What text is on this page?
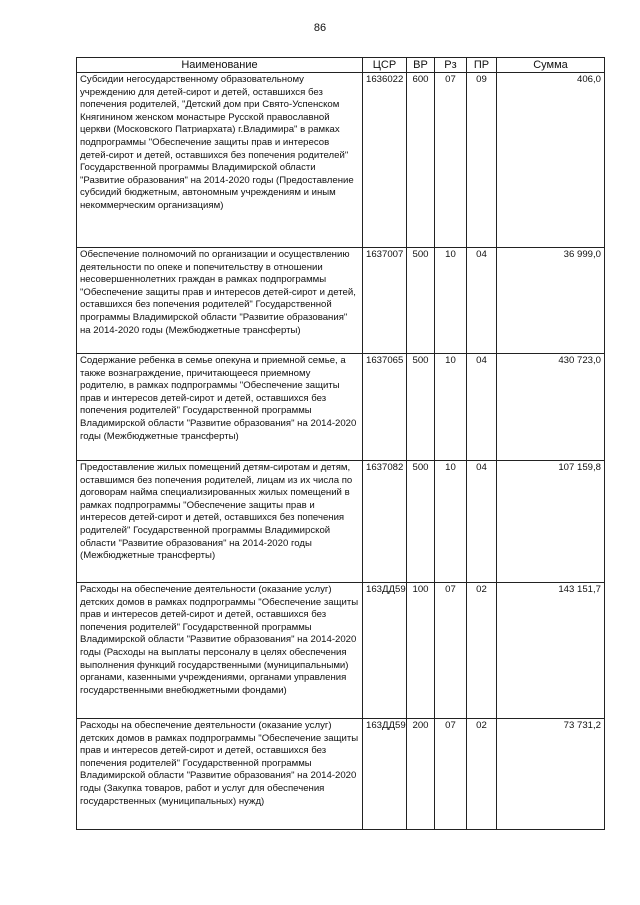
86
Наименование	ЦСР	ВР	Рз	ПР	Сумма
Субсидии негосударственному образовательному учреждению для детей-сирот и детей, оставшихся без попечения родителей, "Детский дом при Свято-Успенском Княгинином женском монастыре Русской православной церкви (Московского Патриархата) г.Владимира" в рамках подпрограммы "Обеспечение защиты прав и интересов детей-сирот и детей, оставшихся без попечения родителей" Государственной программы Владимирской области "Развитие образования" на 2014-2020 годы (Предоставление субсидий бюджетным, автономным учреждениям и иным некоммерческим организациям)	1636022	600	07	09	406,0
Обеспечение полномочий по организации и осуществлению деятельности по опеке и попечительству в отношении несовершеннолетних граждан в рамках подпрограммы "Обеспечение защиты прав и интересов детей-сирот и детей, оставшихся без попечения родителей" Государственной программы Владимирской области "Развитие образования" на 2014-2020 годы (Межбюджетные трансферты)	1637007	500	10	04	36 999,0
Содержание ребенка в семье опекуна и приемной семье, а также вознаграждение, причитающееся приемному родителю, в рамках подпрограммы "Обеспечение защиты прав и интересов детей-сирот и детей, оставшихся без попечения родителей" Государственной программы Владимирской области "Развитие образования" на 2014-2020 годы (Межбюджетные трансферты)	1637065	500	10	04	430 723,0
Предоставление жилых помещений детям-сиротам и детям, оставшимся без попечения родителей, лицам из их числа по договорам найма специализированных жилых помещений в рамках подпрограммы "Обеспечение защиты прав и интересов детей-сирот и детей, оставшихся без попечения родителей" Государственной программы Владимирской области "Развитие образования" на 2014-2020 годы (Межбюджетные трансферты)	1637082	500	10	04	107 159,8
Расходы на обеспечение деятельности (оказание услуг) детских домов в рамках подпрограммы "Обеспечение защиты прав и интересов детей-сирот и детей, оставшихся без попечения родителей" Государственной программы Владимирской области "Развитие образования" на 2014-2020 годы (Расходы на выплаты персоналу в целях обеспечения выполнения функций государственными (муниципальными) органами, казенными учреждениями, органами управления государственными внебюджетными фондами)	163ДД59	100	07	02	143 151,7
Расходы на обеспечение деятельности (оказание услуг) детских домов в рамках подпрограммы "Обеспечение защиты прав и интересов детей-сирот и детей, оставшихся без попечения родителей" Государственной программы Владимирской области "Развитие образования" на 2014-2020 годы (Закупка товаров, работ и услуг для обеспечения государственных (муниципальных) нужд)	163ДД59	200	07	02	73 731,2
